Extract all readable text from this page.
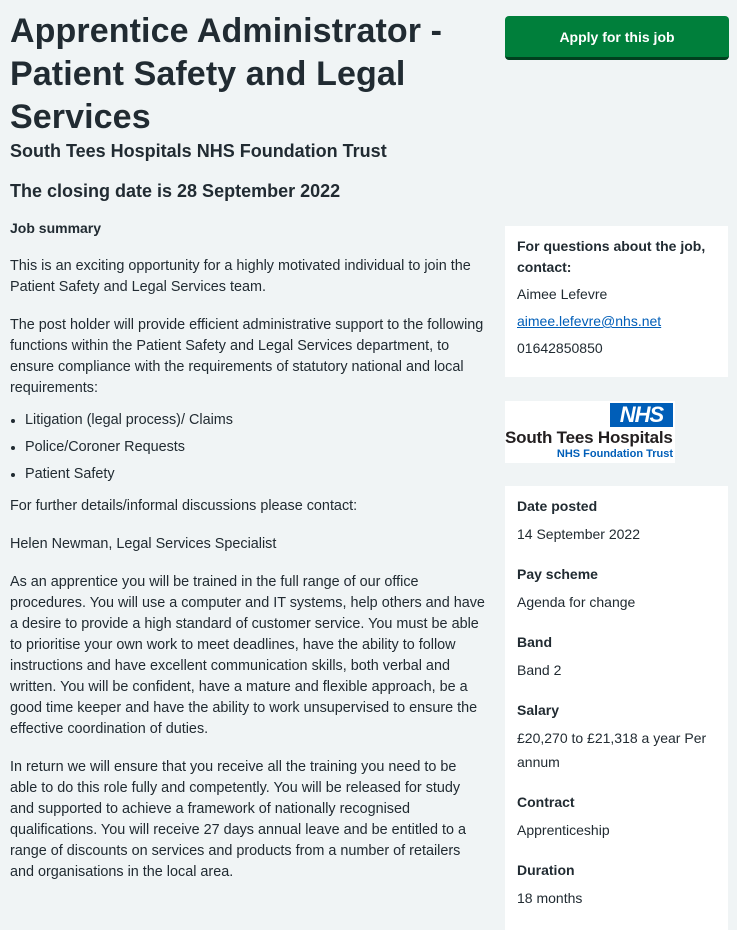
Apprentice Administrator - Patient Safety and Legal Services
South Tees Hospitals NHS Foundation Trust
The closing date is 28 September 2022
Job summary

This is an exciting opportunity for a highly motivated individual to join the Patient Safety and Legal Services team.

The post holder will provide efficient administrative support to the following functions within the Patient Safety and Legal Services department, to ensure compliance with the requirements of statutory national and local requirements:

Litigation (legal process)/ Claims
Police/Coroner Requests
Patient Safety

For further details/informal discussions please contact:

Helen Newman, Legal Services Specialist

As an apprentice you will be trained in the full range of our office procedures. You will use a computer and IT systems, help others and have a desire to provide a high standard of customer service. You must be able to prioritise your own work to meet deadlines, have the ability to follow instructions and have excellent communication skills, both verbal and written. You will be confident, have a mature and flexible approach, be a good time keeper and have the ability to work unsupervised to ensure the effective coordination of duties.

In return we will ensure that you receive all the training you need to be able to do this role fully and competently. You will be released for study and supported to achieve a framework of nationally recognised qualifications. You will receive 27 days annual leave and be entitled to a range of discounts on services and products from a number of retailers and organisations in the local area.

Apply for this job
For questions about the job, contact:
Aimee Lefevre
aimee.lefevre@nhs.net
01642850850
NHS
South Tees Hospitals
NHS Foundation Trust
Date posted
14 September 2022
Pay scheme
Agenda for change
Band
Band 2
Salary
£20,270 to £21,318 a year Per annum
Contract
Apprenticeship
Duration
18 months
